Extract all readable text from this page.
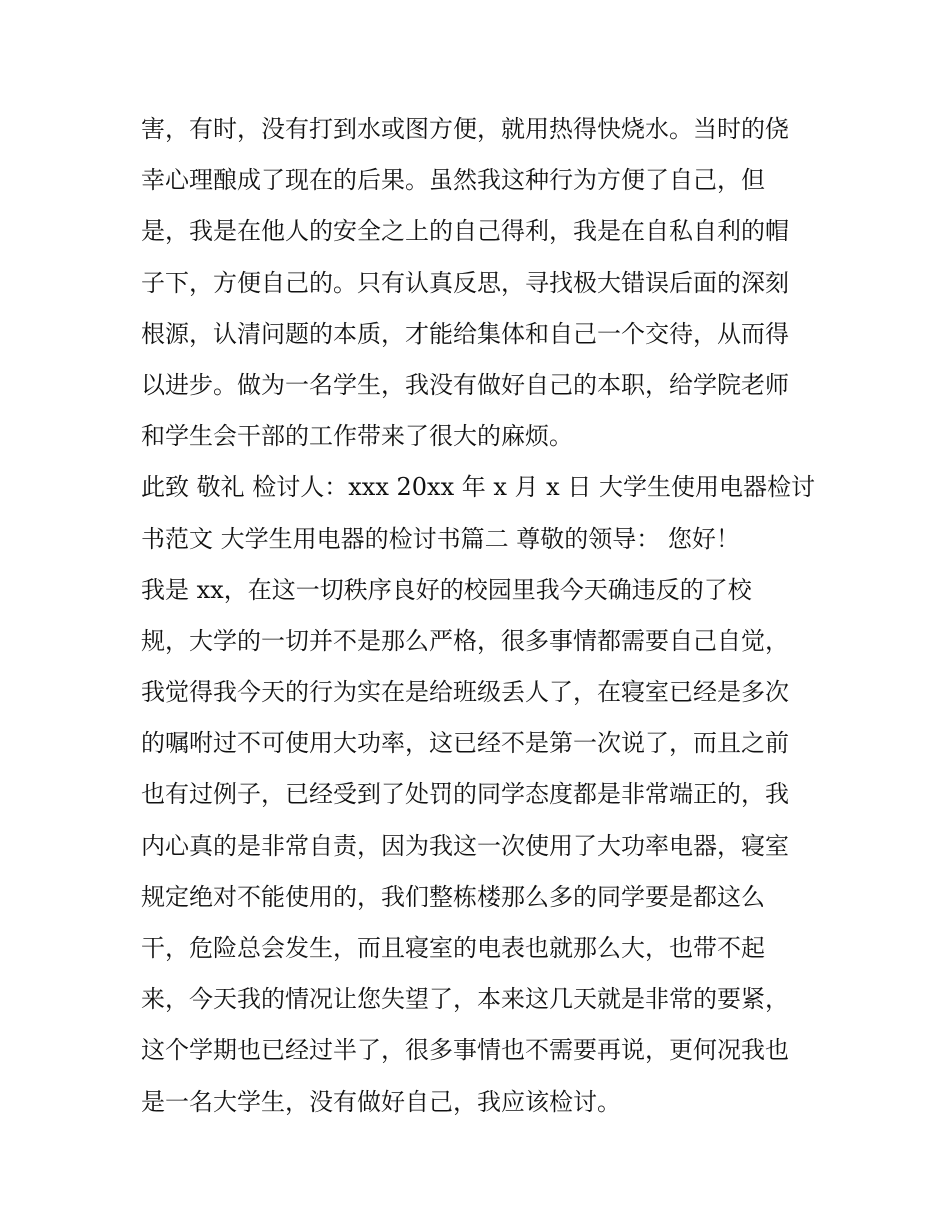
害，有时，没有打到水或图方便，就用热得快烧水。当时的侥
幸心理酿成了现在的后果。虽然我这种行为方便了自己，但
是，我是在他人的安全之上的自己得利，我是在自私自利的帽
子下，方便自己的。只有认真反思，寻找极大错误后面的深刻
根源，认清问题的本质，才能给集体和自己一个交待，从而得
以进步。做为一名学生，我没有做好自己的本职，给学院老师
和学生会干部的工作带来了很大的麻烦。
此致 敬礼 检讨人：xxx 20xx 年 x 月 x 日 大学生使用电器检讨
书范文 大学生用电器的检讨书篇二 尊敬的领导： 您好！
我是 xx，在这一切秩序良好的校园里我今天确违反的了校
规，大学的一切并不是那么严格，很多事情都需要自己自觉，
我觉得我今天的行为实在是给班级丢人了，在寝室已经是多次
的嘱咐过不可使用大功率，这已经不是第一次说了，而且之前
也有过例子，已经受到了处罚的同学态度都是非常端正的，我
内心真的是非常自责，因为我这一次使用了大功率电器，寝室
规定绝对不能使用的，我们整栋楼那么多的同学要是都这么
干，危险总会发生，而且寝室的电表也就那么大，也带不起
来，今天我的情况让您失望了，本来这几天就是非常的要紧，
这个学期也已经过半了，很多事情也不需要再说，更何况我也
是一名大学生，没有做好自己，我应该检讨。
